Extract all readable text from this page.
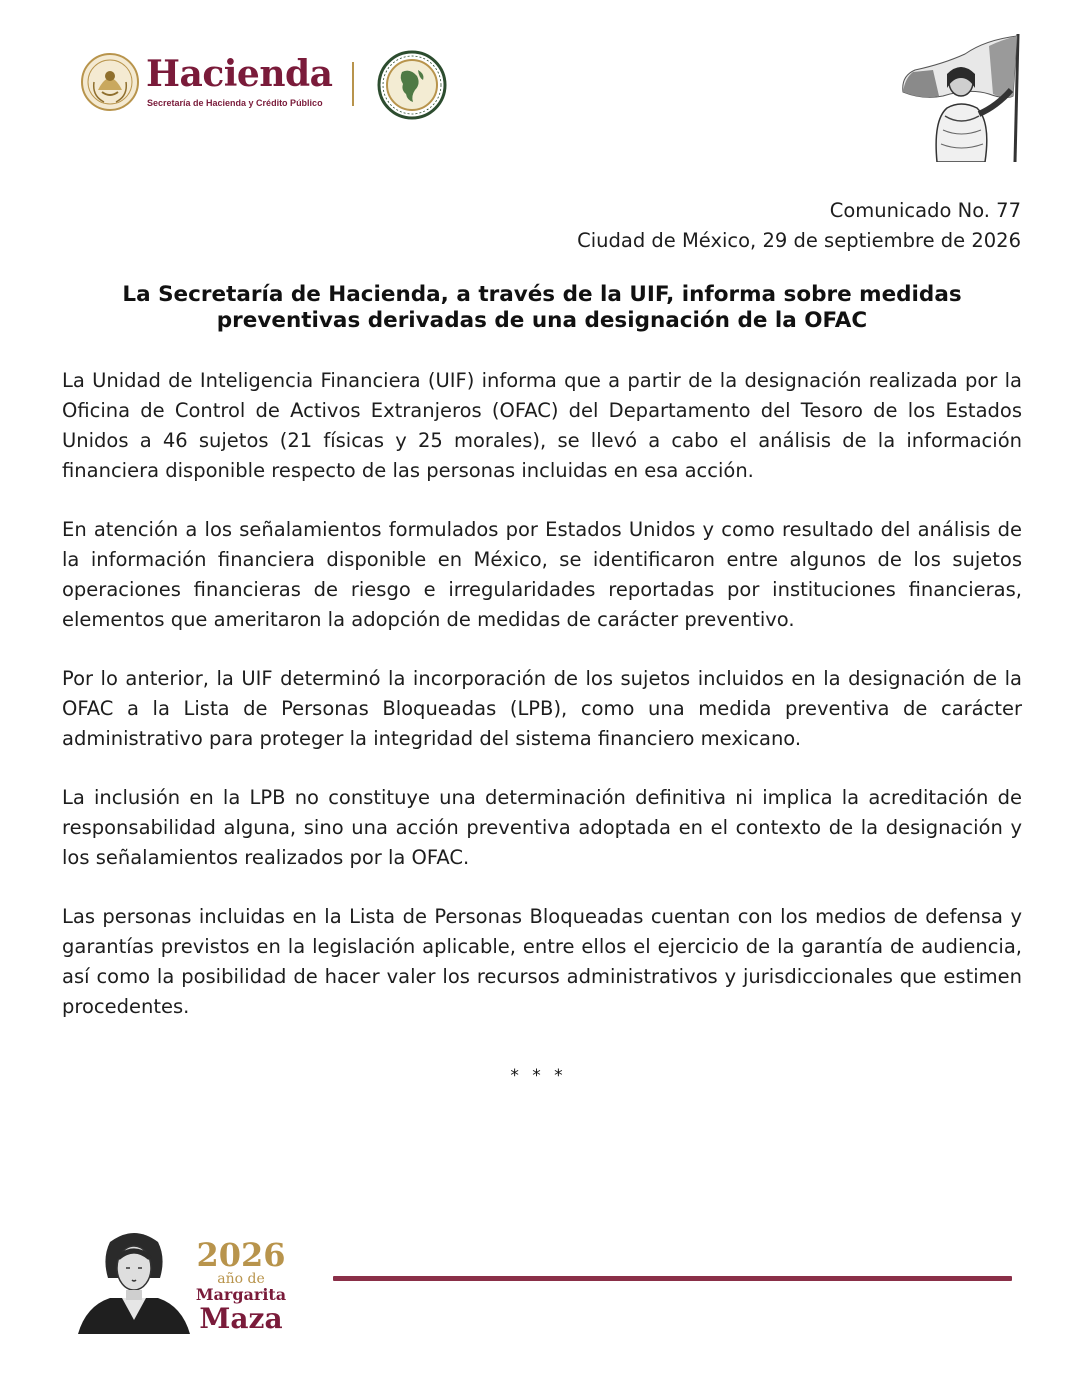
Hacienda
Secretaría de Hacienda y Crédito Público
Comunicado No. 77
Ciudad de México, 29 de septiembre de 2026
La Secretaría de Hacienda, a través de la UIF, informa sobre medidas preventivas derivadas de una designación de la OFAC

La Unidad de Inteligencia Financiera (UIF) informa que a partir de la designación realizada por la Oficina de Control de Activos Extranjeros (OFAC) del Departamento del Tesoro de los Estados Unidos a 46 sujetos (21 físicas y 25 morales), se llevó a cabo el análisis de la información financiera disponible respecto de las personas incluidas en esa acción.

En atención a los señalamientos formulados por Estados Unidos y como resultado del análisis de la información financiera disponible en México, se identificaron entre algunos de los sujetos operaciones financieras de riesgo e irregularidades reportadas por instituciones financieras, elementos que ameritaron la adopción de medidas de carácter preventivo.

Por lo anterior, la UIF determinó la incorporación de los sujetos incluidos en la designación de la OFAC a la Lista de Personas Bloqueadas (LPB), como una medida preventiva de carácter administrativo para proteger la integridad del sistema financiero mexicano.

La inclusión en la LPB no constituye una determinación definitiva ni implica la acreditación de responsabilidad alguna, sino una acción preventiva adoptada en el contexto de la designación y los señalamientos realizados por la OFAC.

Las personas incluidas en la Lista de Personas Bloqueadas cuentan con los medios de defensa y garantías previstos en la legislación aplicable, entre ellos el ejercicio de la garantía de audiencia, así como la posibilidad de hacer valer los recursos administrativos y jurisdiccionales que estimen procedentes.

* * *
2026
año de
Margarita
Maza
